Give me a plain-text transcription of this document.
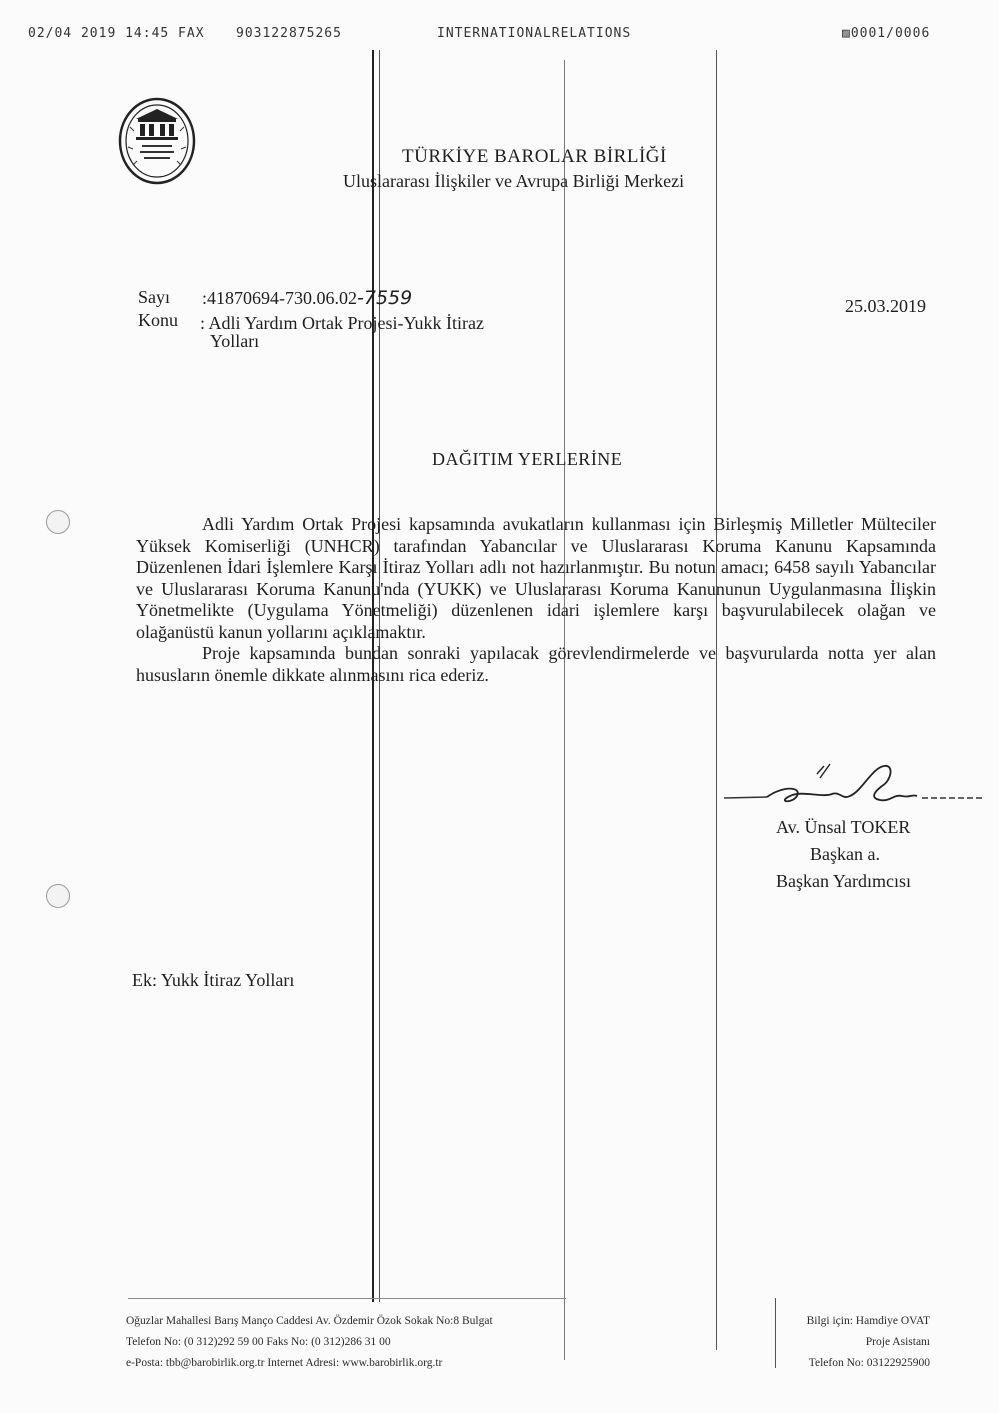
02/04 2019 14:45 FAX 903122875265	INTERNATIONALRELATIONS	▨0001/0006
TÜRKİYE BAROLAR BİRLİĞİ
Uluslararası İlişkiler ve Avrupa Birliği Merkezi
Sayı :41870694-730.06.02-7559
Konu : Adli Yardım Ortak Projesi-Yukk İtiraz
Yolları
25.03.2019
DAĞITIM YERLERİNE

Adli Yardım Ortak Projesi kapsamında avukatların kullanması için Birleşmiş Milletler Mülteciler Yüksek Komiserliği (UNHCR) tarafından Yabancılar ve Uluslararası Koruma Kanunu Kapsamında Düzenlenen İdari İşlemlere Karşı İtiraz Yolları adlı not hazırlanmıştır. Bu notun amacı; 6458 sayılı Yabancılar ve Uluslararası Koruma Kanunu'nda (YUKK) ve Uluslararası Koruma Kanununun Uygulanmasına İlişkin Yönetmelikte (Uygulama Yönetmeliği) düzenlenen idari işlemlere karşı başvurulabilecek olağan ve olağanüstü kanun yollarını açıklamaktır.

Proje kapsamında bundan sonraki yapılacak görevlendirmelerde ve başvurularda notta yer alan hususların önemle dikkate alınmasını rica ederiz.

Av. Ünsal TOKER
Başkan a.
Başkan Yardımcısı
Ek: Yukk İtiraz Yolları
Oğuzlar Mahallesi Barış Manço Caddesi Av. Özdemir Özok Sokak No:8 Bulgat
Telefon No: (0 312)292 59 00 Faks No: (0 312)286 31 00
e-Posta: tbb@barobirlik.org.tr Internet Adresi: www.barobirlik.org.tr
Bilgi için: Hamdiye OVAT
Proje Asistanı
Telefon No: 03122925900
